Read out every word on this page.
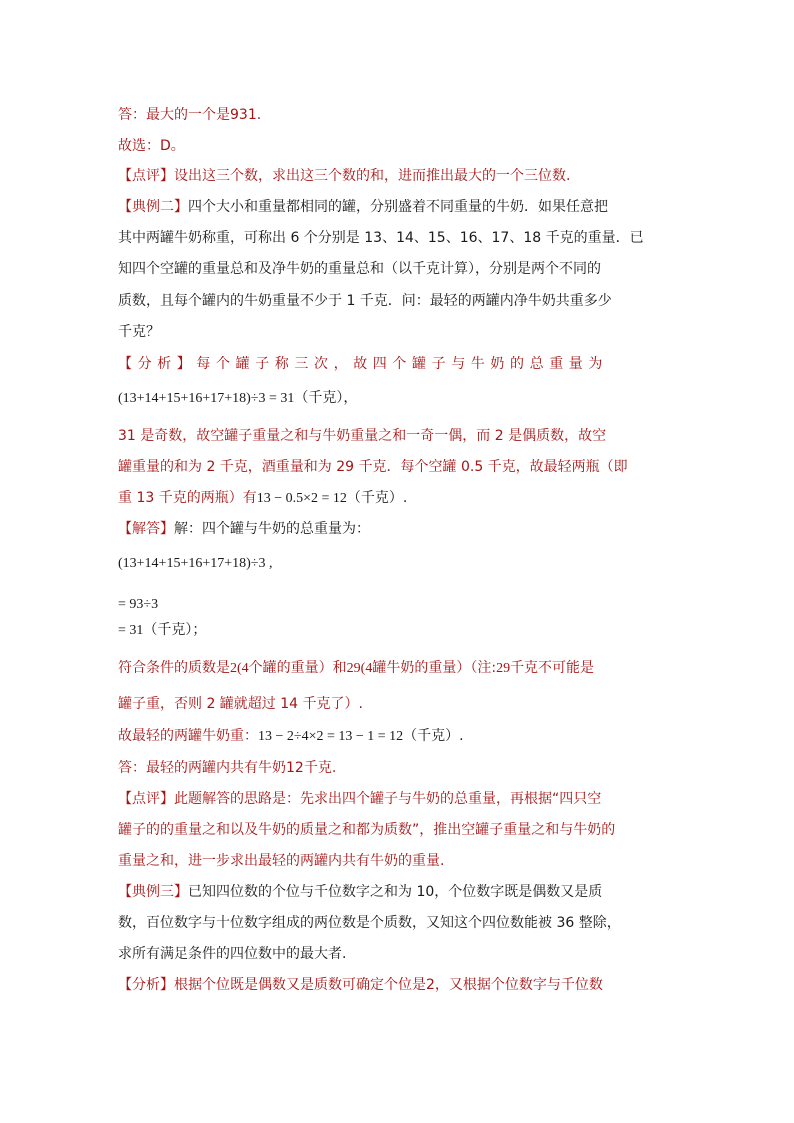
答：最大的一个是931.
故选：D。
【点评】设出这三个数，求出这三个数的和，进而推出最大的一个三位数.
【典例二】四个大小和重量都相同的罐，分别盛着不同重量的牛奶．如果任意把
其中两罐牛奶称重，可称出 6 个分别是 13、14、15、16、17、18 千克的重量．已
知四个空罐的重量总和及净牛奶的重量总和（以千克计算），分别是两个不同的
质数，且每个罐内的牛奶重量不少于 1 千克．问：最轻的两罐内净牛奶共重多少
千克？
【分析】每个罐子称三次，故四个罐子与牛奶的总重量为
(13+14+15+16+17+18)÷3 = 31（千克），
31 是奇数，故空罐子重量之和与牛奶重量之和一奇一偶，而 2 是偶质数，故空
罐重量的和为 2 千克，酒重量和为 29 千克．每个空罐 0.5 千克，故最轻两瓶（即
重 13 千克的两瓶）有13 − 0.5×2 = 12（千克）.
【解答】解：四个罐与牛奶的总重量为：
(13+14+15+16+17+18)÷3 ,
= 93÷3
= 31（千克）；
符合条件的质数是2(4个罐的重量）和29(4罐牛奶的重量）（注:29千克不可能是
罐子重，否则 2 罐就超过 14 千克了）.
故最轻的两罐牛奶重：13 − 2÷4×2 = 13 − 1 = 12（千克）.
答：最轻的两罐内共有牛奶12千克.
【点评】此题解答的思路是：先求出四个罐子与牛奶的总重量，再根据“四只空
罐子的的重量之和以及牛奶的质量之和都为质数”，推出空罐子重量之和与牛奶的
重量之和，进一步求出最轻的两罐内共有牛奶的重量.
【典例三】已知四位数的个位与千位数字之和为 10，个位数字既是偶数又是质
数，百位数字与十位数字组成的两位数是个质数，又知这个四位数能被 36 整除，
求所有满足条件的四位数中的最大者.
【分析】根据个位既是偶数又是质数可确定个位是2，又根据个位数字与千位数
